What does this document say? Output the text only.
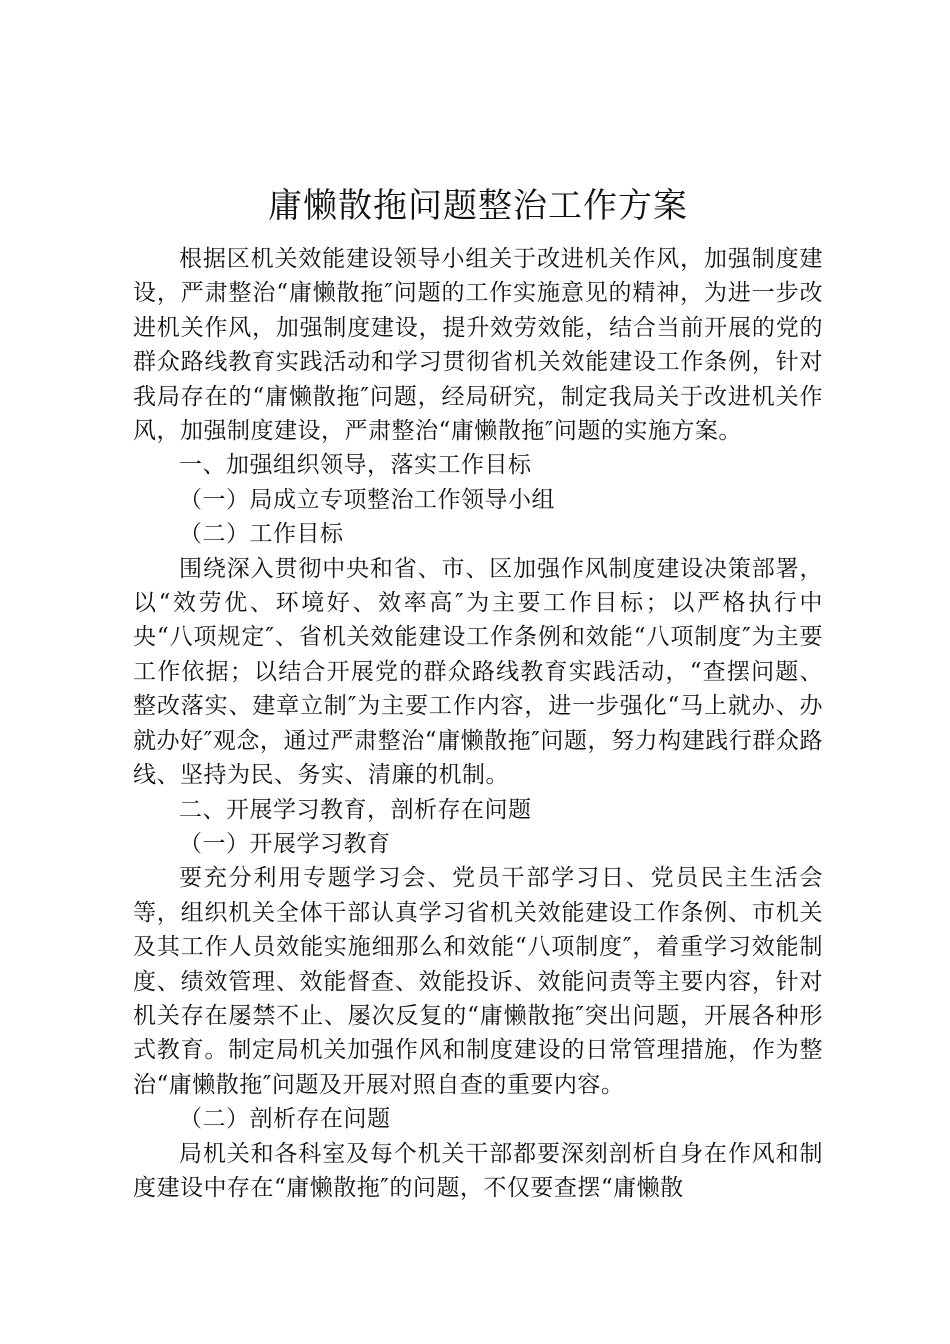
庸懒散拖问题整治工作方案

根据区机关效能建设领导小组关于改进机关作风，加强制度建设，严肃整治“庸懒散拖″问题的工作实施意见的精神，为进一步改进机关作风，加强制度建设，提升效劳效能，结合当前开展的党的群众路线教育实践活动和学习贯彻省机关效能建设工作条例，针对我局存在的“庸懒散拖″问题，经局研究，制定我局关于改进机关作风，加强制度建设，严肃整治“庸懒散拖″问题的实施方案。

一、加强组织领导，落实工作目标

（一）局成立专项整治工作领导小组

（二）工作目标

围绕深入贯彻中央和省、市、区加强作风制度建设决策部署，以“效劳优、环境好、效率高″为主要工作目标；以严格执行中央“八项规定″、省机关效能建设工作条例和效能“八项制度″为主要工作依据；以结合开展党的群众路线教育实践活动，“查摆问题、整改落实、建章立制″为主要工作内容，进一步强化“马上就办、办就办好″观念，通过严肃整治“庸懒散拖″问题，努力构建践行群众路线、坚持为民、务实、清廉的机制。

二、开展学习教育，剖析存在问题

（一）开展学习教育

要充分利用专题学习会、党员干部学习日、党员民主生活会等，组织机关全体干部认真学习省机关效能建设工作条例、市机关及其工作人员效能实施细那么和效能“八项制度″，着重学习效能制度、绩效管理、效能督查、效能投诉、效能问责等主要内容，针对机关存在屡禁不止、屡次反复的“庸懒散拖″突出问题，开展各种形式教育。制定局机关加强作风和制度建设的日常管理措施，作为整治“庸懒散拖″问题及开展对照自查的重要内容。

（二）剖析存在问题

局机关和各科室及每个机关干部都要深刻剖析自身在作风和制度建设中存在“庸懒散拖″的问题，不仅要查摆“庸懒散
